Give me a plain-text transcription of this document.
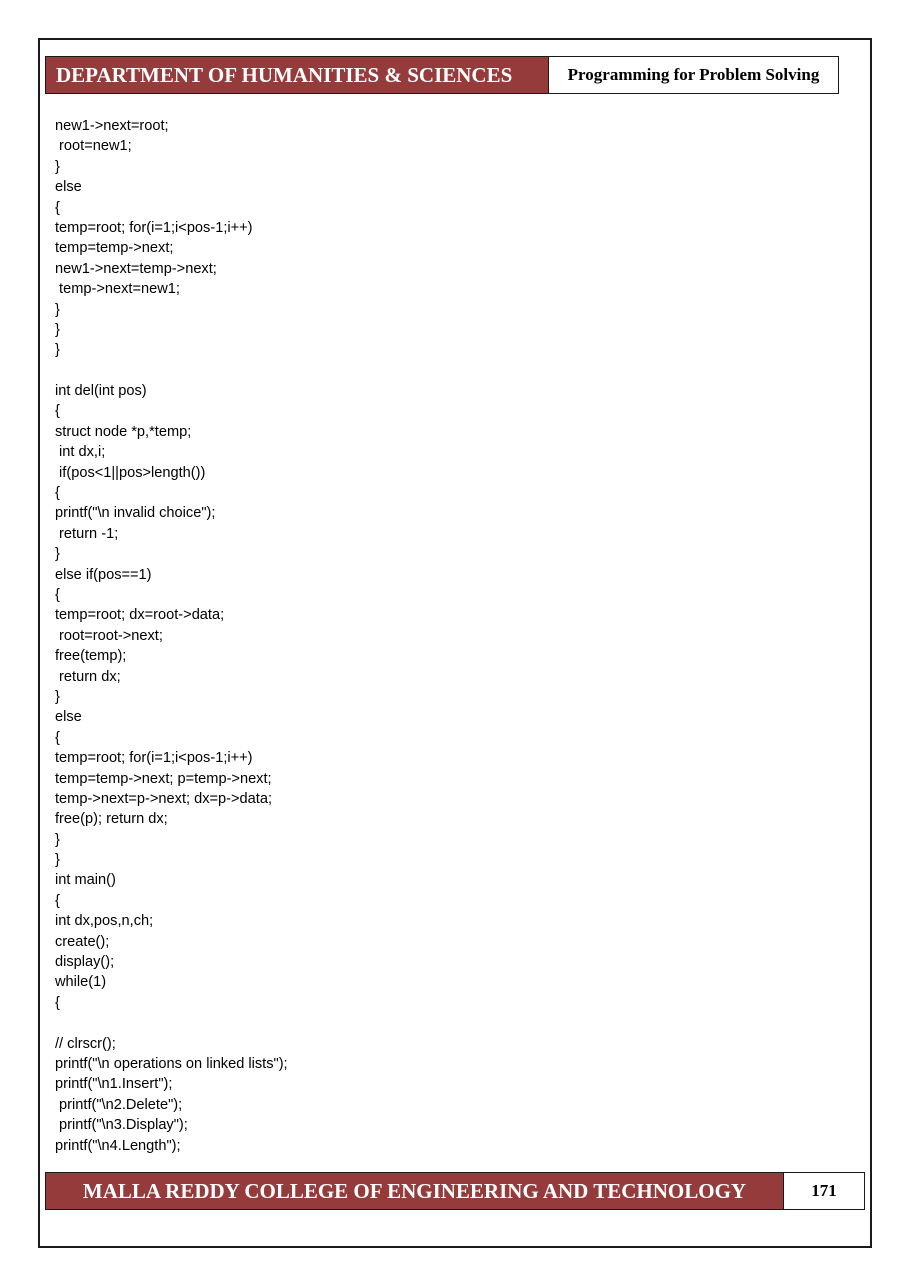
DEPARTMENT OF HUMANITIES & SCIENCES	Programming for Problem Solving
new1->next=root;
root=new1;
}
else
{
temp=root; for(i=1;i<pos-1;i++)
temp=temp->next;
new1->next=temp->next;
temp->next=new1;
}
}
}
int del(int pos)
{
struct node *p,*temp;
int dx,i;
if(pos<1||pos>length())
{
printf("\n invalid choice");
return -1;
}
else if(pos==1)
{
temp=root; dx=root->data;
root=root->next;
free(temp);
return dx;
}
else
{
temp=root; for(i=1;i<pos-1;i++)
temp=temp->next; p=temp->next;
temp->next=p->next; dx=p->data;
free(p); return dx;
}
}
int main()
{
int dx,pos,n,ch;
create();
display();
while(1)
{
// clrscr();
printf("\n operations on linked lists");
printf("\n1.Insert");
printf("\n2.Delete");
printf("\n3.Display");
printf("\n4.Length");
MALLA REDDY COLLEGE OF ENGINEERING AND TECHNOLOGY	171
